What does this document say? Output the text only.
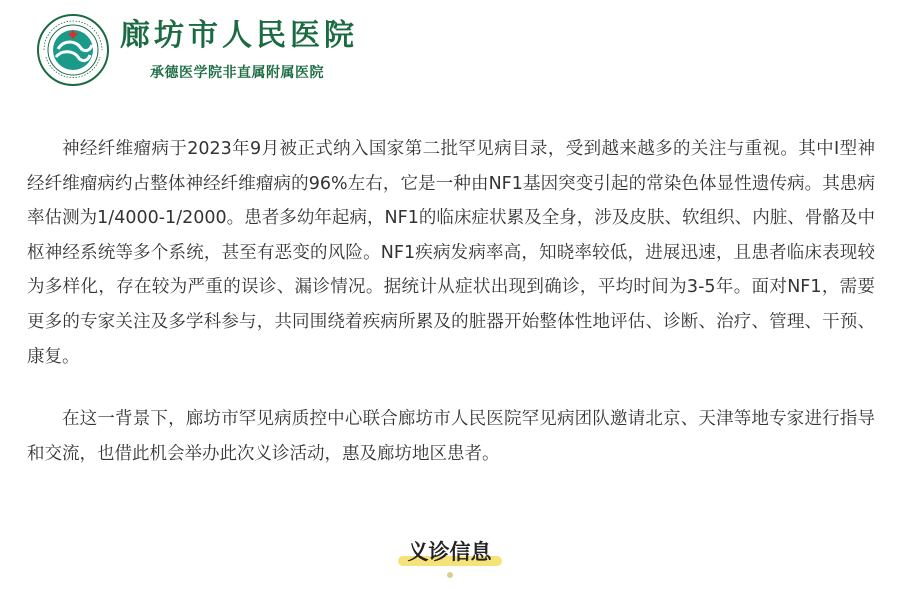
廊坊市人民医院
承德医学院非直属附属医院

神经纤维瘤病于2023年9月被正式纳入国家第二批罕见病目录，受到越来越多的关注与重视。其中Ⅰ型神经纤维瘤病约占整体神经纤维瘤病的96%左右，它是一种由NF1基因突变引起的常染色体显性遗传病。其患病率估测为1/4000-1/2000。患者多幼年起病，NF1的临床症状累及全身，涉及皮肤、软组织、内脏、骨骼及中枢神经系统等多个系统，甚至有恶变的风险。NF1疾病发病率高，知晓率较低，进展迅速，且患者临床表现较为多样化，存在较为严重的误诊、漏诊情况。据统计从症状出现到确诊，平均时间为3-5年。面对NF1，需要更多的专家关注及多学科参与，共同围绕着疾病所累及的脏器开始整体性地评估、诊断、治疗、管理、干预、康复。

在这一背景下，廊坊市罕见病质控中心联合廊坊市人民医院罕见病团队邀请北京、天津等地专家进行指导和交流，也借此机会举办此次义诊活动，惠及廊坊地区患者。

义诊信息
